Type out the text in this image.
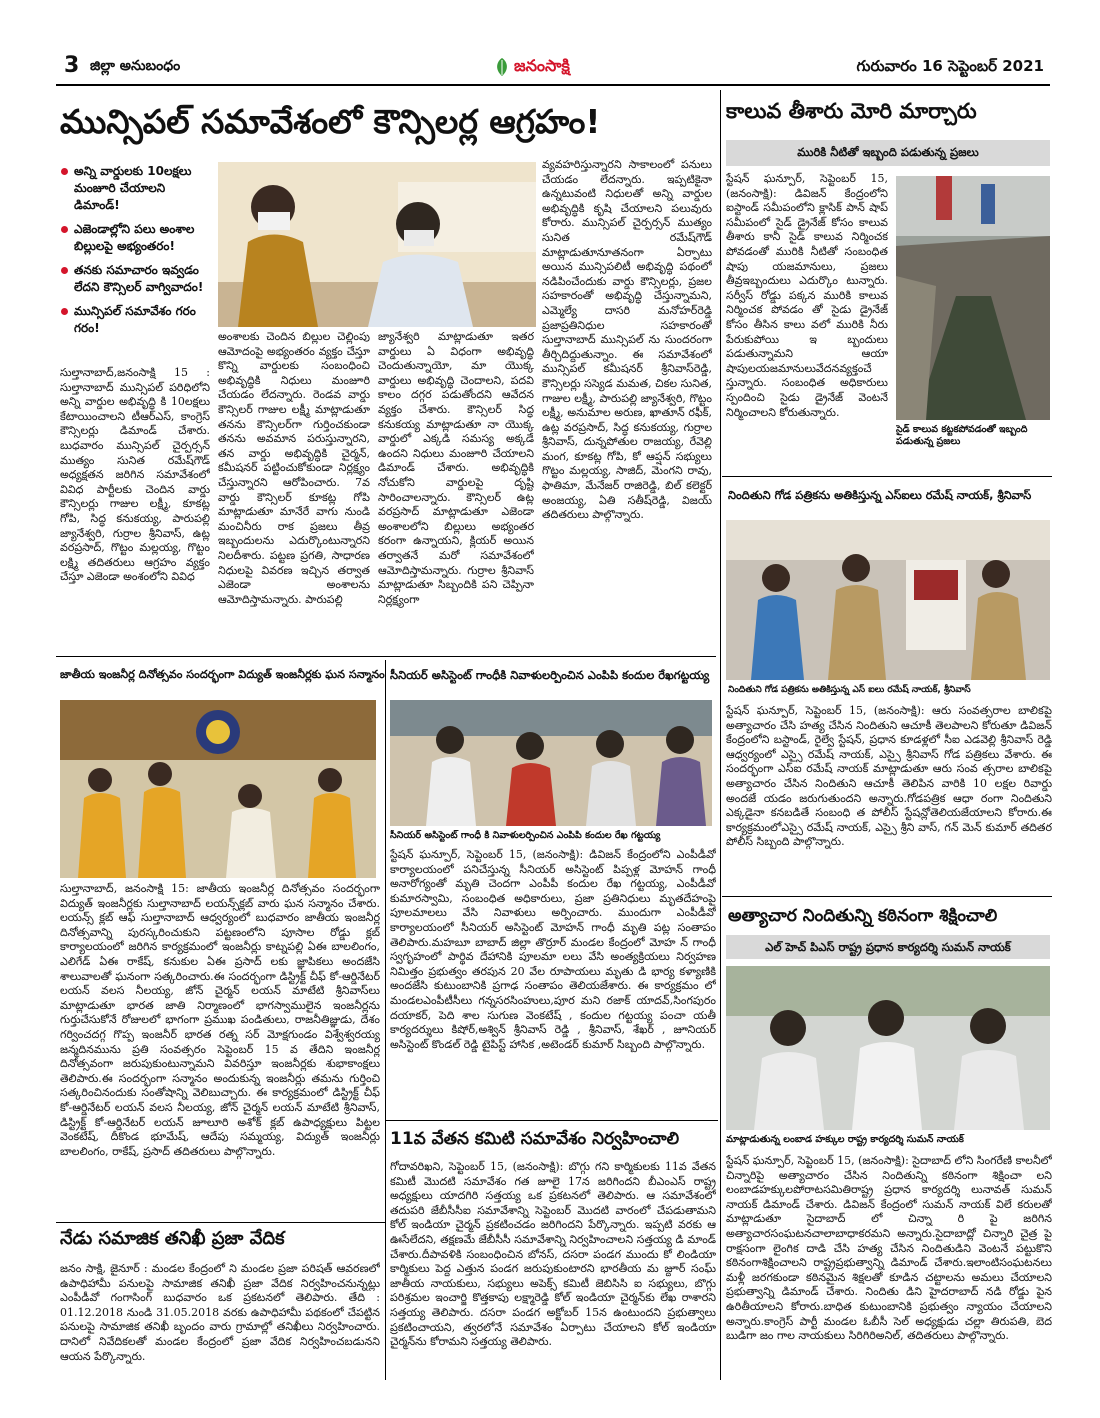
3 జిల్లా అనుబంధం	జనంసాక్షి	గురువారం 16 సెప్టెంబర్ 2021
మున్సిపల్ సమావేశంలో కౌన్సిలర్ల ఆగ్రహం!
అన్ని వార్డులకు 10లక్షలు మంజూరి చేయాలని డిమాండ్!
ఎజెండాల్లోని పలు అంశాల బిల్లులపై అభ్యంతరం!
తనకు సమాచారం ఇవ్వడం లేదని కౌన్సిలర్ వాగ్వివాదం!
మున్సిపల్ సమావేశం గరం గరం!
సుల్తానాబాద్,జనంసాక్షి 15 : సుల్తానాబాద్ మున్సిపల్ పరిధిలోని అన్ని వార్డుల అభివృద్ధి కి 10లక్షలు కేటాయించాలని టీఆర్ఎస్, కాంగ్రెస్ కౌన్సిలర్లు డిమాండ్ చేశారు. బుధవారం మున్సిపల్ చైర్పర్సన్ ముత్యం సునిత రమేష్‌గౌడ్ అధ్యక్షతన జరిగిన సమావేశంలో వివిధ పార్టీలకు చెందిన వార్డు కౌన్సిలర్లు గాజుల లక్ష్మీ, కూకట్ల గోపి, సిద్ధ కనుకయ్య, పారుపల్లి జ్యానేశ్వరి, గుర్రాల శ్రీనివాస్, ఉట్ల వరప్రసాద్, గొట్టం మల్లయ్య, గొట్టం లక్ష్మి తదితరులు ఆగ్రహం వ్యక్తం చేస్తూ ఎజెండా అంశంలోని వివిధ
అంశాలకు చెందిన బిల్లుల చెల్లింపు ఆమోదంపై అభ్యంతరం వ్యక్తం చేస్తూ కొన్ని వార్డులకు సంబంధించి అభివృద్ధికి నిధులు మంజూరి చేయడం లేదన్నారు. రెండవ వార్డు కౌన్సిలర్ గాజుల లక్ష్మీ మాట్లాడుతూ తనను కౌన్సిలర్‌గా గుర్తించకుండా తనను అవమాన పరుస్తున్నారని, తన వార్డు అభివృద్ధికి చైర్మన్, కమీషనర్ పట్టించుకోకుండా నిర్లక్ష్యం చేస్తున్నారని ఆరోపించారు. 7వ వార్డు కౌన్సిలర్ కూకట్ల గోపి మాట్లాడుతూ మానేరే వాగు నుండి మంచినీరు రాక ప్రజలు తీవ్ర ఇబ్బందులను ఎదుర్కొంటున్నారని నిలదీశారు. పట్టణ ప్రగతి, సాధారణ నిధులపై వివరణ ఇచ్చిన తర్వాత ఎజెండా అంశాలను ఆమోదిస్తామన్నారు. పారుపల్లి
జ్యానేశ్వరి మాట్లాడుతూ ఇతర వార్డులు ఏ విధంగా అభివృద్ధి చెందుతున్నాయో, మా యొక్క వార్డులు అభివృద్ధి చెందాలని, పదవి కాలం దగ్గర పడుతోందని ఆవేదన వ్యక్తం చేశారు. కౌన్సిలర్ సిద్ధ కనుకయ్య మాట్లాడుతూ నా యొక్క వార్డులో ఎక్కడి సమస్య అక్కడే ఉందని నిధులు మంజూరి చేయాలని డిమాండ్ చేశారు. అభివృద్ధికి నోచుకోని వార్డులపై దృష్టి సారించాలన్నారు. కౌన్సిలర్ ఉట్ల వరప్రసాద్ మాట్లాడుతూ ఎజెండా అంశాలలోని బిల్లులు అభ్యంతర కరంగా ఉన్నాయని, క్లియర్ అయిన తర్వాతనే మరో సమావేశంలో ఆమోదిస్తామన్నారు. గుర్రాల శ్రీనివాస్ మాట్లాడుతూ సిబ్బందికి పని చెప్పినా నిర్లక్ష్యంగా
వ్యవహరిస్తున్నారని సాకాలంలో పనులు చేయడం లేదన్నారు. ఇప్పటికైనా ఉన్నటువంటి నిధులతో అన్ని వార్డుల అభివృద్ధికి కృషి చేయాలని పలువురు కోరారు. మున్సిపల్ చైర్పర్సన్ ముత్యం సునిత రమేష్‌గౌడ్ మాట్లాడుతూనూతనంగా ఏర్పాటు అయిన మున్సిపలిటీ అభివృద్ధి పథంలో నడిపించేందుకు వార్డు కౌన్సిలర్లు, ప్రజల సహకారంతో అభివృద్ధి చేస్తున్నామని, ఎమ్మెల్యే దాసరి మనోహర్‌రెడ్డి ప్రజాప్రతినిధుల సహకారంతో సుల్తానాబాద్ మున్సిపల్ ను సుందరంగా తీర్చిదిద్దుతున్నాం. ఈ సమావేశంలో మున్సిపల్ కమీషనర్ శ్రీనివాస్‌రెడ్డి, కౌన్సిలర్లు సస్యెడ మమత, చికల సునిత, గాజుల లక్ష్మీ, పారుపల్లి జ్యానేశ్వరి, గొట్టం లక్ష్మీ, అనుమాల అరుణ, ఖాతూన్ రఫీక్, ఉట్ల వరప్రసాద్, సిద్ధ కనుకయ్య, గుర్రాల శ్రీనివాస్, దున్నపోతుల రాజయ్య, రేవెల్లి మంగ, కూకట్ల గోపి, కో ఆప్షన్ సభ్యులు గొట్టం మల్లయ్య, సాజిద్, మెంగని రావు, ఫాతిమా, మేనేజర్ రాజిరెడ్డి, బిల్ కలెక్టర్ అంజయ్య, ఏతి సతీష్‌రెడ్డి, విజయ్ తదితరులు పాల్గొన్నారు.
కాలువ తీశారు మోరి మార్చారు
మురికి నీటితో ఇబ్బంది పడుతున్న ప్రజలు
స్టేషన్ ఘన్పూర్, సెప్టెంబర్ 15, (జనంసాక్షి): డివిజన్ కేంద్రంలోని ఐస్టాండ్ సమీపంలోని క్లాసిక్ పాన్ షాప్ సమీపంలో సైడ్ డ్రైనేజ్ కోసం కాలువ తీశారు కానీ సైడ్ కాలువ నిర్మించక పోవడంతో మురికి నీటితో సంబంధిత షాపు యజమానులు, ప్రజలు తీవ్రఇబ్బందులు ఎదుర్కొం టున్నారు. సర్వీస్ రోడ్డు పక్కన మురికి కాలువ నిర్మించక పోవడం తో సైడు డ్రైనేజ్ కోసం తీసిన కాలు వలో మురికి నీరు పేరుకుపోయి ఇ బ్బందులు పడుతున్నామని ఆయా షాపులయజమానులువేదనవ్యక్తంచే స్తున్నారు. సంబంధిత అధికారులు స్పందించి సైడు డ్రైనేజ్ వెంటనే నిర్మించాలని కోరుతున్నారు.
సైడ్ కాలువ కట్టకపోవడంతో ఇబ్బంది పడుతున్న ప్రజలు
నిందితుని గోడ పత్రికను అతికిస్తున్న ఎస్‌ఐలు రమేష్ నాయక్, శ్రీనివాస్
నిందితుని గోడ పత్రికను అతికిస్తున్న ఎస్ ఐలు రమేష్ నాయక్, శ్రీనివాస్
స్టేషన్ ఘన్పూర్, సెప్టెంబర్ 15, (జనంసాక్షి): ఆరు సంవత్సరాల బాలికపై అత్యాచారం చేసి హత్య చేసిన నిందితుని ఆచూకీ తెలపాలని కోరుతూ డివిజన్ కేంద్రంలోని బస్టాండ్, రైల్వే స్టేషన్, ప్రధాన కూడళ్లలో సీఐ ఎడవెల్లి శ్రీనివాస్ రెడ్డి ఆధ్వర్యంలో ఎస్సై రమేష్ నాయక్, ఎస్సై శ్రీనివాస్ గోడ పత్రికలు వేశారు. ఈ సందర్భంగా ఎస్ఐ రమేష్ నాయక్ మాట్లాడుతూ ఆరు సంవ త్సరాల బాలికపై అత్యాచారం చేసిన నిందితుని ఆచూకీ తెలిపిన వారికి 10 లక్షల రివార్డు అందజే యడం జరుగుతుందని అన్నారు.గోడపత్రిక ఆధా రంగా నిందితుని ఎక్కడైనా కనబడితే సంబంధి త పోలీస్ స్టేషన్లోతెలియజేయాలని కోరారు.ఈ కార్యక్రమంలోఎస్సై రమేష్ నాయక్, ఎస్సై శ్రీని వాస్, గన్ మెన్ కుమార్ తదితర పోలీస్ సిబ్బంది పాల్గొన్నారు.
అత్యాచార నిందితున్ని కఠినంగా శిక్షించాలి
ఎల్ హెచ్ పిఎస్ రాష్ట్ర ప్రధాన కార్యదర్శి సుమన్ నాయక్
మాట్లాడుతున్న లంబాడ హక్కుల రాష్ట్ర కార్యదర్శి సుమన్ నాయక్
స్టేషన్ ఘన్పూర్, సెప్టెంబర్ 15, (జనంసాక్షి): సైదాబాద్ లోని సింగరేణి కాలనీలో చిన్నారిపై అత్యాచారం చేసిన నిందితున్ని కఠినంగా శిక్షించా లని లంబాడహక్కులపోరాటసమితిరాష్ట్ర ప్రధాన కార్యదర్శి లునావత్ సుమన్ నాయక్ డిమాండ్ చేశారు. డివిజన్ కేంద్రంలో సుమన్ నాయక్ విలే కరులతో మాట్లాడుతూ సైదాబాద్ లో చిన్నా రి పై జరిగిన అత్యాచారసంఘటనచాలాబాధాకరమని అన్నారు.సైదాబాద్లో చిన్నారి చైత్ర పై రాక్షసంగా లైంగిక దాడి చేసి హత్య చేసిన నిందితుడిని వెంటనే పట్టుకొని కఠినంగాశిక్షించాలని రాష్ట్రప్రభుత్వాన్ని డిమాండ్ చేశారు.ఇలాంటిసంఘటనలు మళ్లీ జరగకుండా కఠినమైన శిక్షలతో కూడిన చట్టాలను అమలు చేయాలని ప్రభుత్వాన్ని డిమాండ్ చేశారు. నిందితు డిని హైదరాబాద్ నడి రోడ్డు పైన ఉరితీయాలని కోరారు.బాధిత కుటుంబానికి ప్రభుత్వం న్యాయం చేయాలని అన్నారు.కాంగ్రెస్ పార్టీ మండల ఓబీసీ సెల్ అధ్యక్షుడు చల్లా తిరుపతి, బెద బుడిగా జం గాల నాయకులు సిరిగిరిఅనిల్, తదితరులు పాల్గొన్నారు.
జాతీయ ఇంజనీర్ల దినోత్సవం సందర్భంగా విద్యుత్ ఇంజనీర్లకు ఘన సన్మానం
సుల్తానాబాద్, జనంసాక్షి 15: జాతీయ ఇంజనీర్ల దినోత్సవం సందర్భంగా విద్యుత్ ఇంజనీర్లకు సుల్తానాబాద్ లయన్స్‌క్లబ్ వారు ఘన సన్మానం చేశారు. లయన్స్ క్లబ్ ఆఫ్ సుల్తానాబాద్ ఆధ్వర్యంలో బుధవారం జాతీయ ఇంజనీర్ల దినోత్సవాన్ని పురస్కరించుకుని పట్టణంలోని పూసాల రోడ్డు క్లబ్ కార్యాలయంలో జరిగిన కార్యక్రమంలో ఇంజనీర్లు కాట్నపల్లి ఏఈ బాలలింగం, ఎలిగేడ్ ఏఈ రాకేష్, కనుకుల ఏఈ ప్రసాద్ లకు జ్ఞాపికలు అందజేసి శాలువాలతో ఘనంగా సత్కరించారు.ఈ సందర్భంగా డిస్ట్రిక్ట్ చీఫ్ కో-ఆర్డినేటర్ లయన్ వలస నీలయ్య, జోన్ చైర్మన్ లయన్ మాటేటి శ్రీనివాస్‌లు మాట్లాడుతూ భారత జాతి నిర్మాణంలో భాగస్వాములైన ఇంజనీర్లను గుర్తుచేసుకోనే రోజులలో భాగంగా ప్రముఖ పండితులు, రాజనీతిజ్ఞుడు, దేశం గర్వించదగ్గ గొప్ప ఇంజనీర్ భారత రత్న సర్ మోక్షగుండం విశ్వేశ్వరయ్య జన్మదినమును ప్రతి సంవత్సరం సెప్టెంబర్ 15 వ తేదిని ఇంజనీర్ల దినోత్సవంగా జరుపుకుంటున్నామని వివరిస్తూ ఇంజనీర్లకు శుభాకాంక్షలు తెలిపారు.ఈ సందర్భంగా సన్మానం అందుకున్న ఇంజనీర్లు తమను గుర్తించి సత్కరించినందుకు సంతోషాన్ని వెలిబుచ్చారు. ఈ కార్యక్రమంలో డిస్ట్రిక్ట్ చీఫ్ కో-ఆర్డినేటర్ లయన్ వలస నీలయ్య, జోన్ చైర్మన్ లయన్ మాటేటి శ్రీనివాస్, డిస్ట్రిక్ట్ కో-ఆర్డినేటర్ లయన్ జూలూరి అశోక్ క్లబ్ ఉపాధ్యక్షులు పిట్టల వెంకటేష్, దీకొండ భూమేష్, ఆదేపు సమ్మయ్య, విద్యుత్ ఇంజనీర్లు బాలలింగం, రాకేష్, ప్రసాద్ తదితరులు పాల్గొన్నారు.
నేడు సమాజిక తనిఖీ ప్రజా వేదిక
జనం సాక్షి, జైనూర్ : మండల కేంద్రంలో ని మండల ప్రజా పరిషత్ ఆవరణలో ఉపాధిహామీ పనులపై సామాజిక తనిఖీ ప్రజా వేదిక నిర్వహించనున్నట్లు ఎంపీడీవో గంగాసింగ్ బుధవారం ఒక ప్రకటనలో తెలిపారు. తేది : 01.12.2018 నుండి 31.05.2018 వరకు ఉపాధిహామీ పథకంలో చేపట్టిన పనులపై సామాజిక తనిఖీ బృందం వారు గ్రామాల్లో తనిఖీలు నిర్వహించారు. దానిలో నివేదికలతో మండల కేంద్రంలో ప్రజా వేదిక నిర్వహించబడునని ఆయన పేర్కొన్నారు.
సీనియర్ అసిస్టెంట్ గాంధీకి నివాళులర్పించిన ఎంపిపి కందుల రేఖగట్టయ్య
సీనియర్ అసిస్టెంట్ గాంధీ కి నివాళులర్పించిన ఎంపిపి కందుల రేఖ గట్టయ్య
స్టేషన్ ఘన్పూర్, సెప్టెంబర్ 15, (జనంసాక్షి): డివిజన్ కేంద్రంలోని ఎంపీడీవో కార్యాలయంలో పనిచేస్తున్న సీనియర్ అసిస్టెంట్ పిప్పళ్ల మోహన్ గాంధీ అనారోగ్యంతో మృతి చెందగా ఎంపీపీ కందుల రేఖ గట్టయ్య, ఎంపీడీవో కుమారస్వామి, సంబంధిత అధికారులు, ప్రజా ప్రతినిధులు మృతదేహంపై పూలమాలలు వేసి నివాళులు అర్పించారు. ముందుగా ఎంపీడీవో కార్యాలయంలో సీనియర్ అసిస్టెంట్ మోహన్ గాంధీ మృతి పట్ల సంతాపం తెలిపారు.మహబూ బాబాద్ జిల్లా తొర్రూర్ మండల కేంద్రంలో మోహ న్ గాంధీ స్వగృహంలో పార్థివ దేహానికి పూలమా లలు వేసి అంత్యక్రియలు నిర్వహణ నిమిత్తం ప్రభుత్వం తరపున 20 వేల రూపాయలు మృతు డి భార్య కళ్యాణికి అందజేసి కుటుంబానికి ప్రగాఢ సంతాపం తెలియజేశారు. ఈ కార్యక్రమం లో మండలఎంపీటీసీలు గన్నసరసింహులు,పూర మని రజాక్ యాదవ్,సింగపురం దయాకర్, పెది శాల సుగుణ వెంకటేష్ , కందుల గట్టయ్య పంచా యతీ కార్యదర్శులు కిషోర్,అశ్విన్ శ్రీనివాస్ రెడ్డి , శ్రీనివాస్, శేఖర్ , జూనియర్ అసిస్టెంట్ కొండల్ రెడ్డి టైపిస్ట్ హాసిక ,అటెండర్ కుమార్ సిబ్బంది పాల్గొన్నారు.
11వ వేతన కమిటి సమావేశం నిర్వహించాలి
గోదావరిఖని, సెప్టెంబర్ 15, (జనంసాక్షి): బొగ్గు గని కార్మికులకు 11వ వేతన కమిటీ మొదటి సమావేశం గత జూలై 17న జరిగిందని బీఎంఎస్ రాష్ట్ర అధ్యక్షులు యాదగిరి సత్తయ్య ఒక ప్రకటనలో తెలిపారు. ఆ సమావేశంలో తదుపరి జేబీసీసీఐ సమావేశాన్ని సెప్టెంబర్ మొదటి వారంలో చేపడుతామని కోల్ ఇండియా చైర్మన్ ప్రకటించడం జరిగిందని పేర్కొన్నారు. ఇప్పటి వరకు ఆ ఊసేలేదని, తక్షణమే జేబీసీసీ సమావేశాన్ని నిర్వహించాలని సత్తయ్య డి మాండ్ చేశారు.దీపావళికి సంబంధించిన బోనస్, దసరా పండగ ముందు కో లిండియా కార్మికులు పెద్ద ఎత్తున పండగ జరుపుకుంటారని భారతీయ మ జ్దూర్ సంఘ్ జాతీయ నాయకులు, సభ్యులు అపెక్స్ కమిటీ జెబిసిసి ఐ సభ్యులు, బొగ్గు పరిశ్రమల ఇంచార్జి కొత్తకాపు లక్ష్మారెడ్డి కోల్ ఇండియా చైర్మన్‌కు లేఖ రాశారని సత్తయ్య తెలిపారు. దసరా పండగ అక్టోబర్ 15న ఉంటుందని ప్రభుత్వాలు ప్రకటించాయని, త్వరలోనే సమావేశం ఏర్పాటు చేయాలని కోల్ ఇండియా చైర్మన్‌ను కోరామని సత్తయ్య తెలిపారు.
